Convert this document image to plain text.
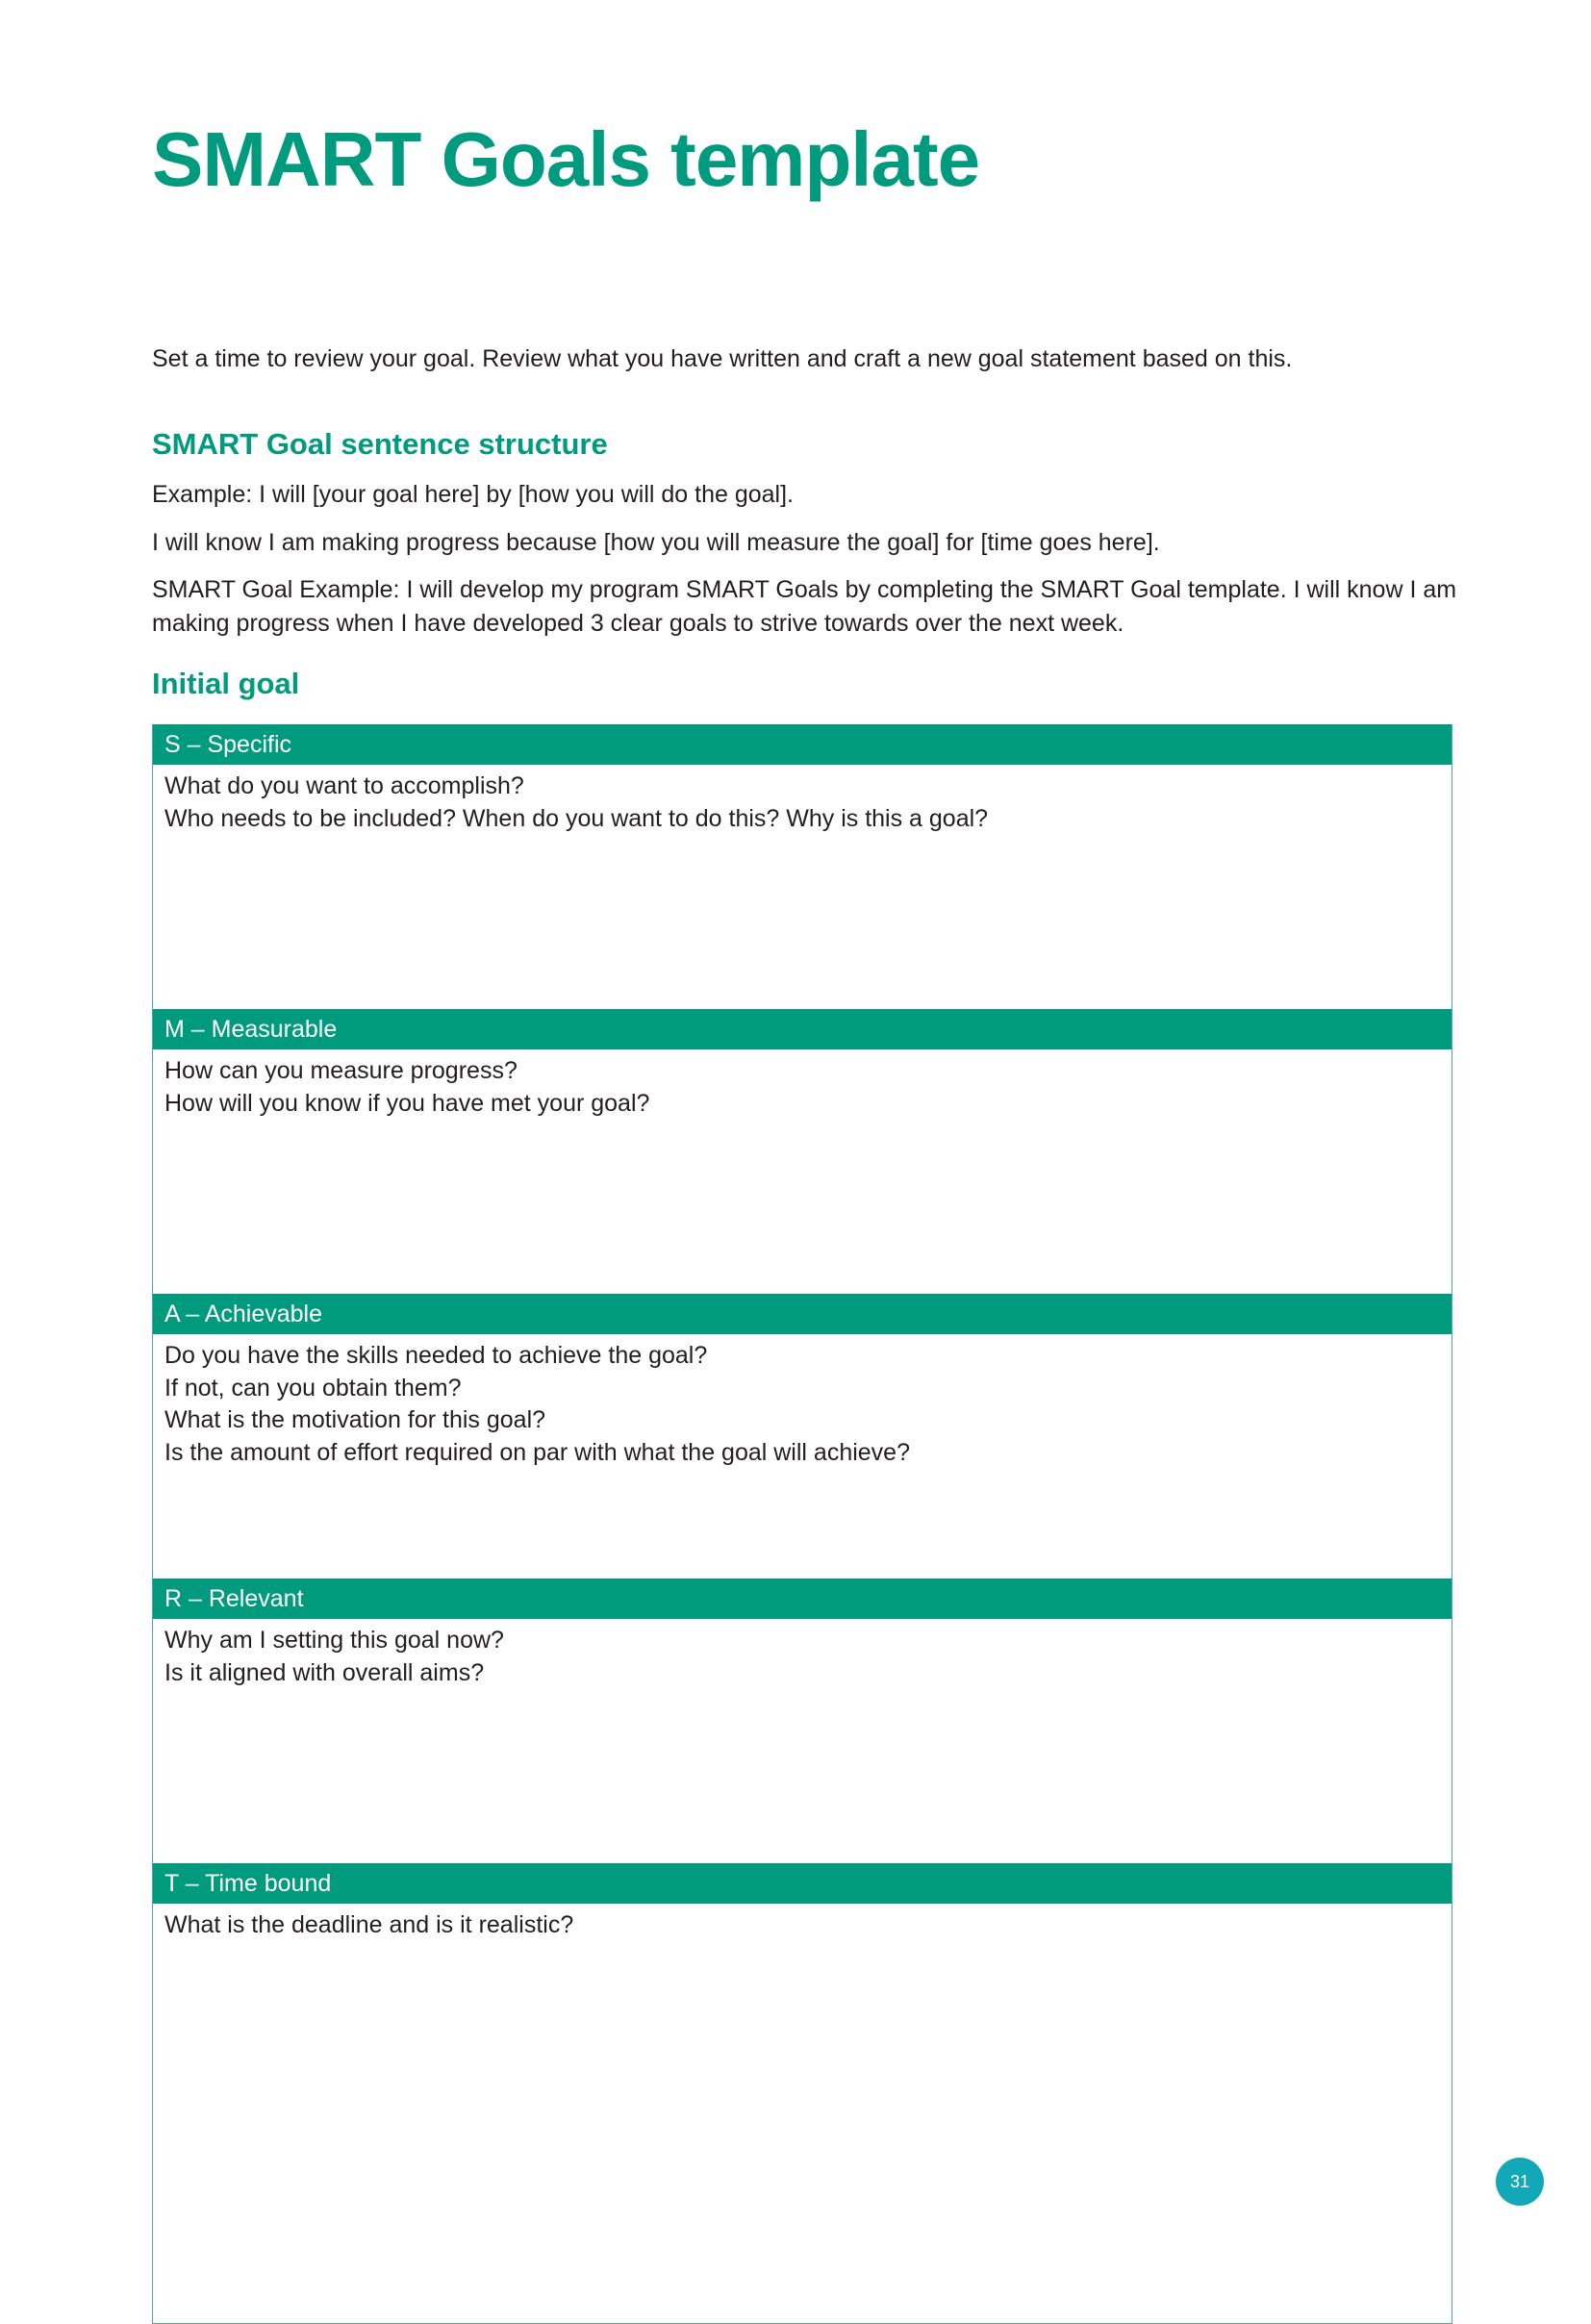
SMART Goals template

Set a time to review your goal. Review what you have written and craft a new goal statement based on this.

SMART Goal sentence structure

Example: I will [your goal here] by [how you will do the goal].

I will know I am making progress because [how you will measure the goal] for [time goes here].

SMART Goal Example: I will develop my program SMART Goals by completing the SMART Goal template. I will know I am making progress when I have developed 3 clear goals to strive towards over the next week.

Initial goal
S – Specific
What do you want to accomplish?
Who needs to be included? When do you want to do this? Why is this a goal?
M – Measurable
How can you measure progress?
How will you know if you have met your goal?
A – Achievable
Do you have the skills needed to achieve the goal?
If not, can you obtain them?
What is the motivation for this goal?
Is the amount of effort required on par with what the goal will achieve?
R – Relevant
Why am I setting this goal now?
Is it aligned with overall aims?
T – Time bound
What is the deadline and is it realistic?
31
